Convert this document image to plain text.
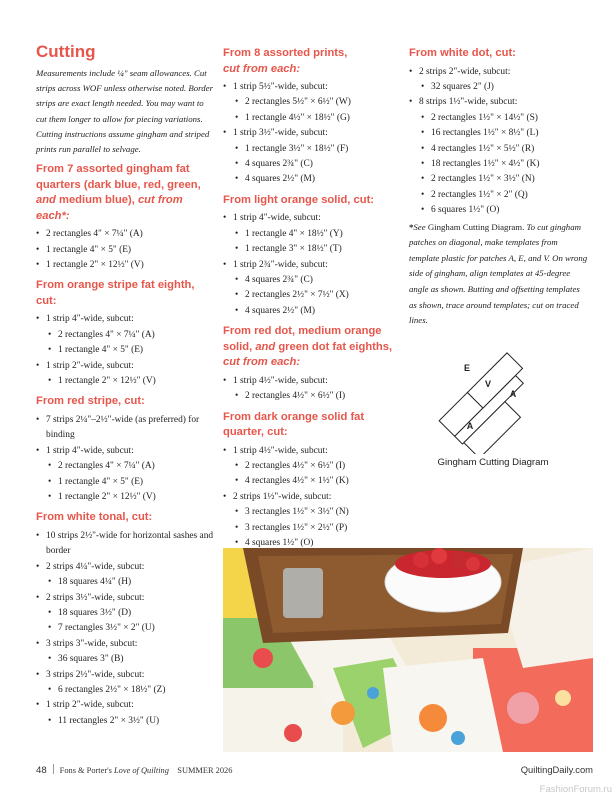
Cutting
Measurements include ¼" seam allowances. Cut strips across WOF unless otherwise noted. Border strips are exact length needed. You may want to cut them longer to allow for piecing variations. Cutting instructions assume gingham and striped prints run parallel to selvage.
From 7 assorted gingham fat quarters (dark blue, red, green, and medium blue), cut from each*:
• 2 rectangles 4" × 7¼" (A)
• 1 rectangle 4" × 5" (E)
• 1 rectangle 2" × 12½" (V)
From orange stripe fat eighth, cut:
• 1 strip 4"-wide, subcut:
• 2 rectangles 4" × 7¼" (A)
• 1 rectangle 4" × 5" (E)
• 1 strip 2"-wide, subcut:
• 1 rectangle 2" × 12½" (V)
From red stripe, cut:
• 7 strips 2¼"–2½"-wide (as preferred) for binding
• 1 strip 4"-wide, subcut:
• 2 rectangles 4" × 7¼" (A)
• 1 rectangle 4" × 5" (E)
• 1 rectangle 2" × 12½" (V)
From white tonal, cut:
• 10 strips 2½"-wide for horizontal sashes and border
• 2 strips 4¼"-wide, subcut:
• 18 squares 4¼" (H)
• 2 strips 3½"-wide, subcut:
• 18 squares 3½" (D)
• 7 rectangles 3½" × 2" (U)
• 3 strips 3"-wide, subcut:
• 36 squares 3" (B)
• 3 strips 2½"-wide, subcut:
• 6 rectangles 2½" × 18½" (Z)
• 1 strip 2"-wide, subcut:
• 11 rectangles 2" × 3½" (U)
From 8 assorted prints,
cut from each:
• 1 strip 5½"-wide, subcut:
• 2 rectangles 5½" × 6½" (W)
• 1 rectangle 4½" × 18½" (G)
• 1 strip 3½"-wide, subcut:
• 1 rectangle 3½" × 18½" (F)
• 4 squares 2¾" (C)
• 4 squares 2½" (M)
From light orange solid, cut:
• 1 strip 4"-wide, subcut:
• 1 rectangle 4" × 18½" (Y)
• 1 rectangle 3" × 18½" (T)
• 1 strip 2¾"-wide, subcut:
• 4 squares 2¾" (C)
• 2 rectangles 2½" × 7½" (X)
• 4 squares 2½" (M)
From red dot, medium orange solid, and green dot fat eighths, cut from each:
• 1 strip 4½"-wide, subcut:
• 2 rectangles 4½" × 6½" (I)
From dark orange solid fat quarter, cut:
• 1 strip 4½"-wide, subcut:
• 2 rectangles 4½" × 6½" (I)
• 4 rectangles 4½" × 1½" (K)
• 2 strips 1½"-wide, subcut:
• 3 rectangles 1½" × 3½" (N)
• 3 rectangles 1½" × 2½" (P)
• 4 squares 1½" (O)
From white dot, cut:
• 2 strips 2"-wide, subcut:
• 32 squares 2" (J)
• 8 strips 1½"-wide, subcut:
• 2 rectangles 1½" × 14½" (S)
• 16 rectangles 1½" × 8½" (L)
• 4 rectangles 1½" × 5½" (R)
• 18 rectangles 1½" × 4½" (K)
• 2 rectangles 1½" × 3½" (N)
• 2 rectangles 1½" × 2" (Q)
• 6 squares 1½" (O)
*See Gingham Cutting Diagram. To cut gingham patches on diagonal, make templates from template plastic for patches A, E, and V. On wrong side of gingham, align templates at 45-degree angle as shown. Butting and offsetting templates as shown, trace around templates; cut on traced lines.
E
V
A
A
Gingham Cutting Diagram
48 Fons & Porter's Love of Quilting SUMMER 2026	QuiltingDaily.com
FashionForum.ru
